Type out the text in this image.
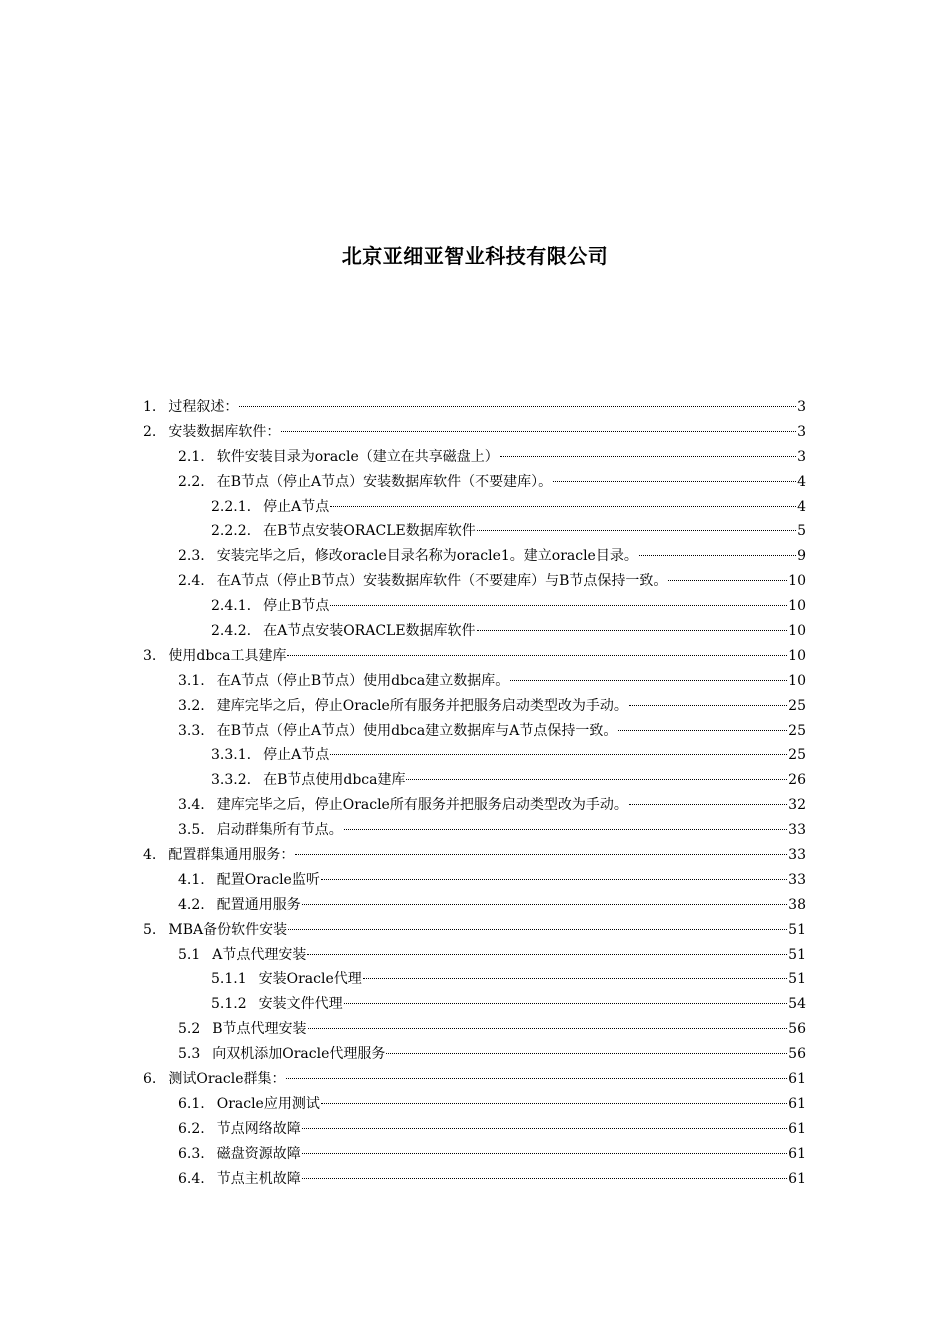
北京亚细亚智业科技有限公司
1. 过程叙述：	3
2. 安装数据库软件：	3
2.1. 软件安装目录为oracle（建立在共享磁盘上）	3
2.2. 在B节点（停止A节点）安装数据库软件（不要建库）。	4
2.2.1. 停止A节点	4
2.2.2. 在B节点安装ORACLE数据库软件	5
2.3. 安装完毕之后，修改oracle目录名称为oracle1。建立oracle目录。	9
2.4. 在A节点（停止B节点）安装数据库软件（不要建库）与B节点保持一致。	10
2.4.1. 停止B节点	10
2.4.2. 在A节点安装ORACLE数据库软件	10
3. 使用dbca工具建库	10
3.1. 在A节点（停止B节点）使用dbca建立数据库。	10
3.2. 建库完毕之后，停止Oracle所有服务并把服务启动类型改为手动。	25
3.3. 在B节点（停止A节点）使用dbca建立数据库与A节点保持一致。	25
3.3.1. 停止A节点	25
3.3.2. 在B节点使用dbca建库	26
3.4. 建库完毕之后，停止Oracle所有服务并把服务启动类型改为手动。	32
3.5. 启动群集所有节点。	33
4. 配置群集通用服务：	33
4.1. 配置Oracle监听	33
4.2. 配置通用服务	38
5. MBA备份软件安装	51
5.1 A节点代理安装	51
5.1.1 安装Oracle代理	51
5.1.2 安装文件代理	54
5.2 B节点代理安装	56
5.3 向双机添加Oracle代理服务	56
6. 测试Oracle群集：	61
6.1. Oracle应用测试	61
6.2. 节点网络故障	61
6.3. 磁盘资源故障	61
6.4. 节点主机故障	61
